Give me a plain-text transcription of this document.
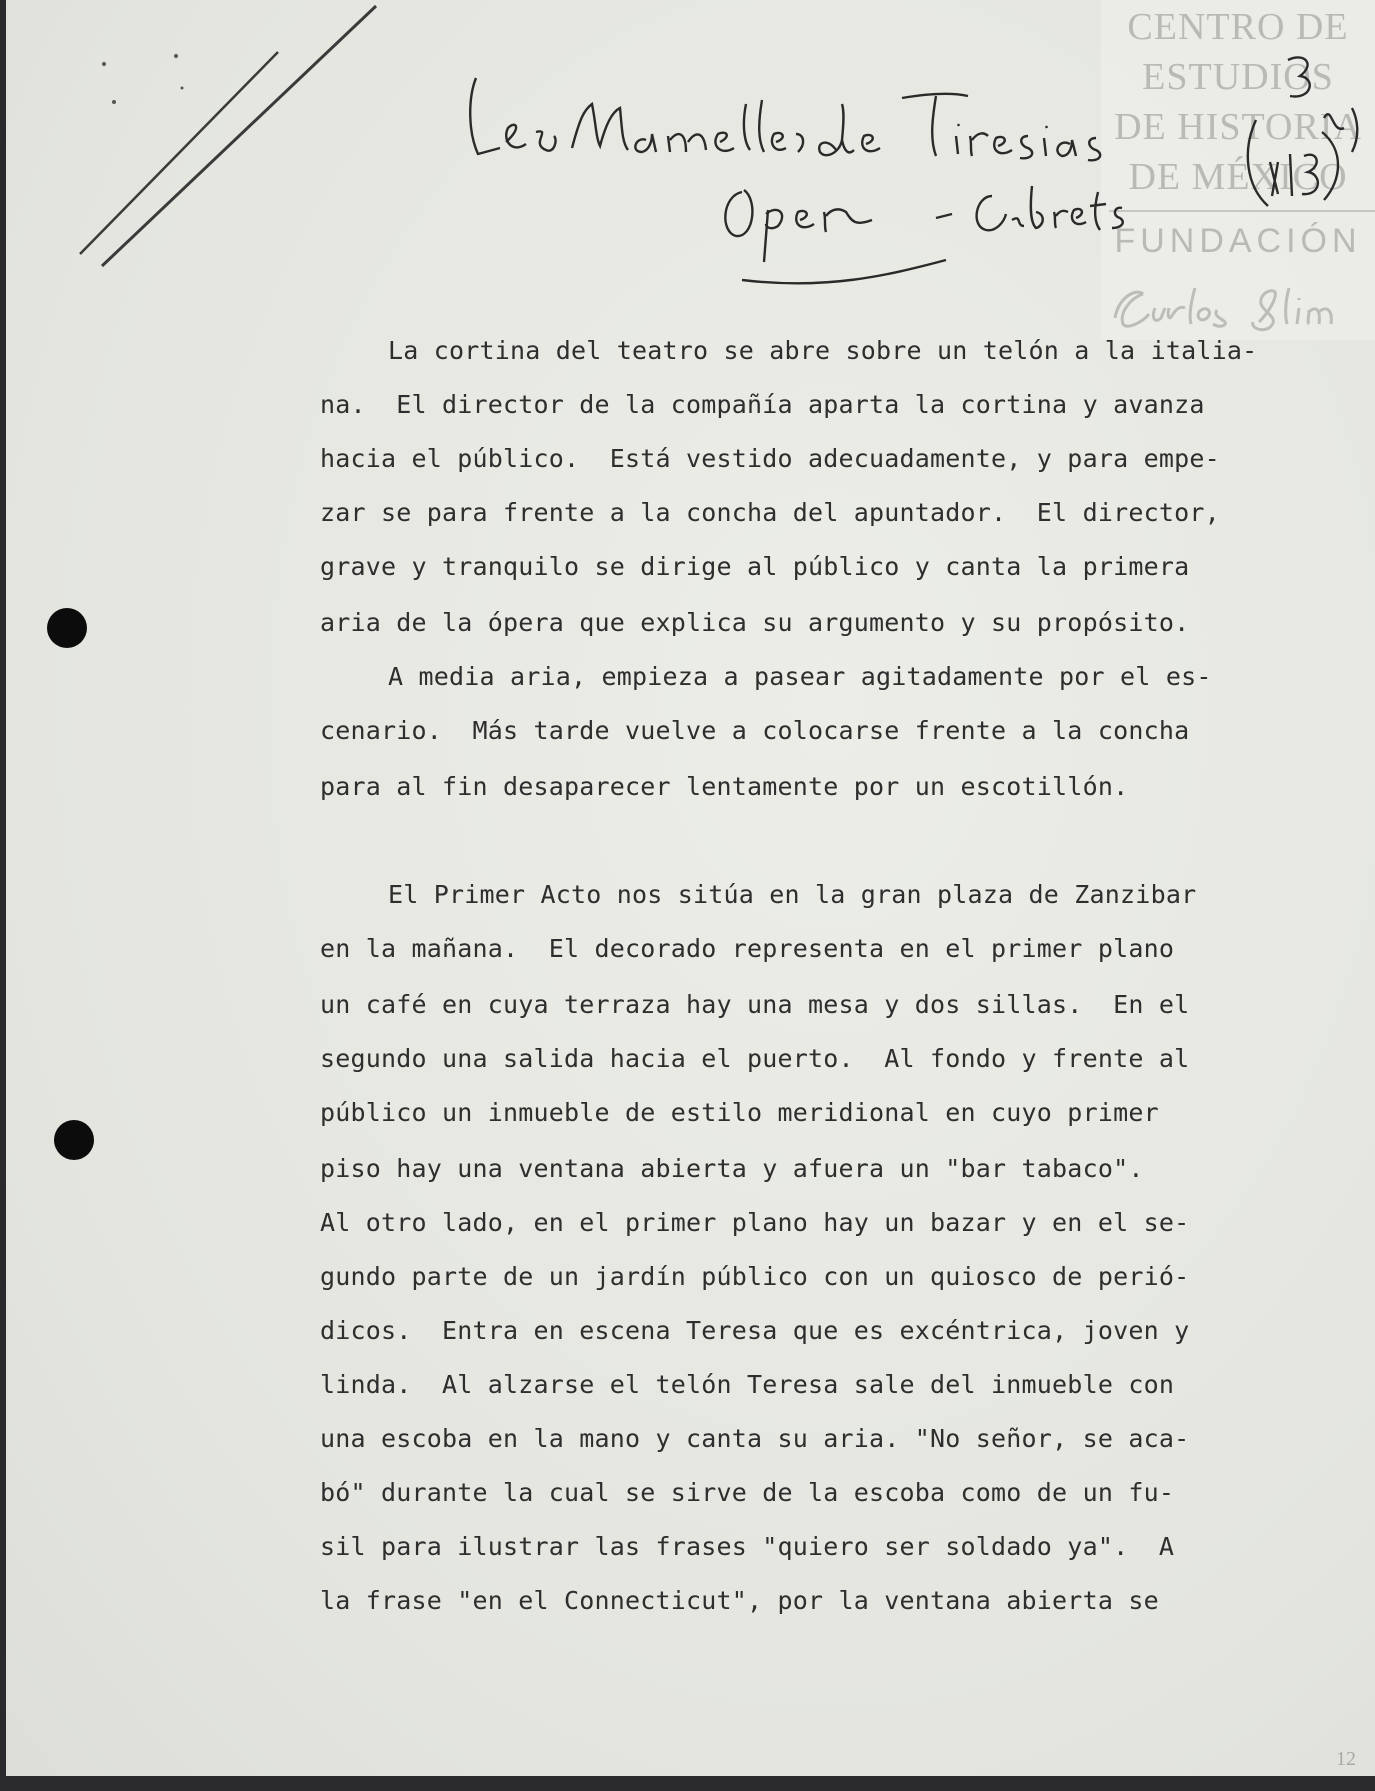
CENTRO DE
ESTUDIOS
DE HISTORIA
DE MÉXICO
FUNDACIÓN
La cortina del teatro se abre sobre un telón a la italia-
na.  El director de la compañía aparta la cortina y avanza
hacia el público.  Está vestido adecuadamente, y para empe-
zar se para frente a la concha del apuntador.  El director,
grave y tranquilo se dirige al público y canta la primera
aria de la ópera que explica su argumento y su propósito.
A media aria, empieza a pasear agitadamente por el es-
cenario.  Más tarde vuelve a colocarse frente a la concha
para al fin desaparecer lentamente por un escotillón.
El Primer Acto nos sitúa en la gran plaza de Zanzibar
en la mañana.  El decorado representa en el primer plano
un café en cuya terraza hay una mesa y dos sillas.  En el
segundo una salida hacia el puerto.  Al fondo y frente al
público un inmueble de estilo meridional en cuyo primer
piso hay una ventana abierta y afuera un "bar tabaco".
Al otro lado, en el primer plano hay un bazar y en el se-
gundo parte de un jardín público con un quiosco de perió-
dicos.  Entra en escena Teresa que es excéntrica, joven y
linda.  Al alzarse el telón Teresa sale del inmueble con
una escoba en la mano y canta su aria. "No señor, se aca-
bó" durante la cual se sirve de la escoba como de un fu-
sil para ilustrar las frases "quiero ser soldado ya".  A
la frase "en el Connecticut", por la ventana abierta se
12
